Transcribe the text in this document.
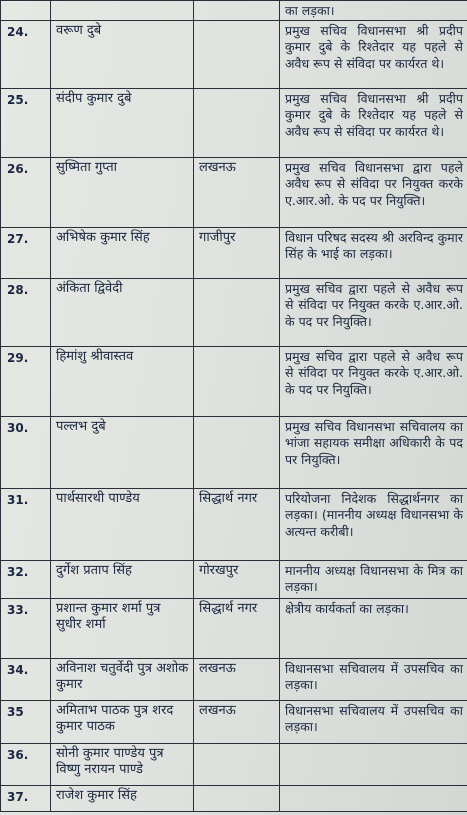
			का लड़का।
24.	वरूण दुबे		प्रमुख सचिव विधानसभा श्री प्रदीप कुमार दुबे के रिश्तेदार यह पहले से अवैध रूप से संविदा पर कार्यरत थे।
25.	संदीप कुमार दुबे		प्रमुख सचिव विधानसभा श्री प्रदीप कुमार दुबे के रिश्तेदार यह पहले से अवैध रूप से संविदा पर कार्यरत थे।
26.	सुष्मिता गुप्ता	लखनऊ	प्रमुख सचिव विधानसभा द्वारा पहले अवैध रूप से संविदा पर नियुक्त करके ए.आर.ओ. के पद पर नियुक्ति।
27.	अभिषेक कुमार सिंह	गाजीपुर	विधान परिषद सदस्य श्री अरविन्द कुमार सिंह के भाई का लड़का।
28.	अंकिता द्विवेदी		प्रमुख सचिव द्वारा पहले से अवैध रूप से संविदा पर नियुक्त करके ए.आर.ओ. के पद पर नियुक्ति।
29.	हिमांशु श्रीवास्तव		प्रमुख सचिव द्वारा पहले से अवैध रूप से संविदा पर नियुक्त करके ए.आर.ओ. के पद पर नियुक्ति।
30.	पल्लभ दुबे		प्रमुख सचिव विधानसभा सचिवालय का भांजा सहायक समीक्षा अधिकारी के पद पर नियुक्ति।
31.	पार्थसारथी पाण्डेय	सिद्धार्थ नगर	परियोजना निदेशक सिद्धार्थनगर का लड़का। (माननीय अध्यक्ष विधानसभा के अत्यन्त करीबी।
32.	दुर्गेश प्रताप सिंह	गोरखपुर	माननीय अध्यक्ष विधानसभा के मित्र का लड़का।
33.	प्रशान्त कुमार शर्मा पुत्र सुधीर शर्मा	सिद्धार्थ नगर	क्षेत्रीय कार्यकर्ता का लड़का।
34.	अविनाश चतुर्वेदी पुत्र अशोक कुमार	लखनऊ	विधानसभा सचिवालय में उपसचिव का लड़का।
35	अमिताभ पाठक पुत्र शरद कुमार पाठक	लखनऊ	विधानसभा सचिवालय में उपसचिव का लड़का।
36.	सोनी कुमार पाण्डेय पुत्र विष्णु नरायन पाण्डे		
37.	राजेश कुमार सिंह		
